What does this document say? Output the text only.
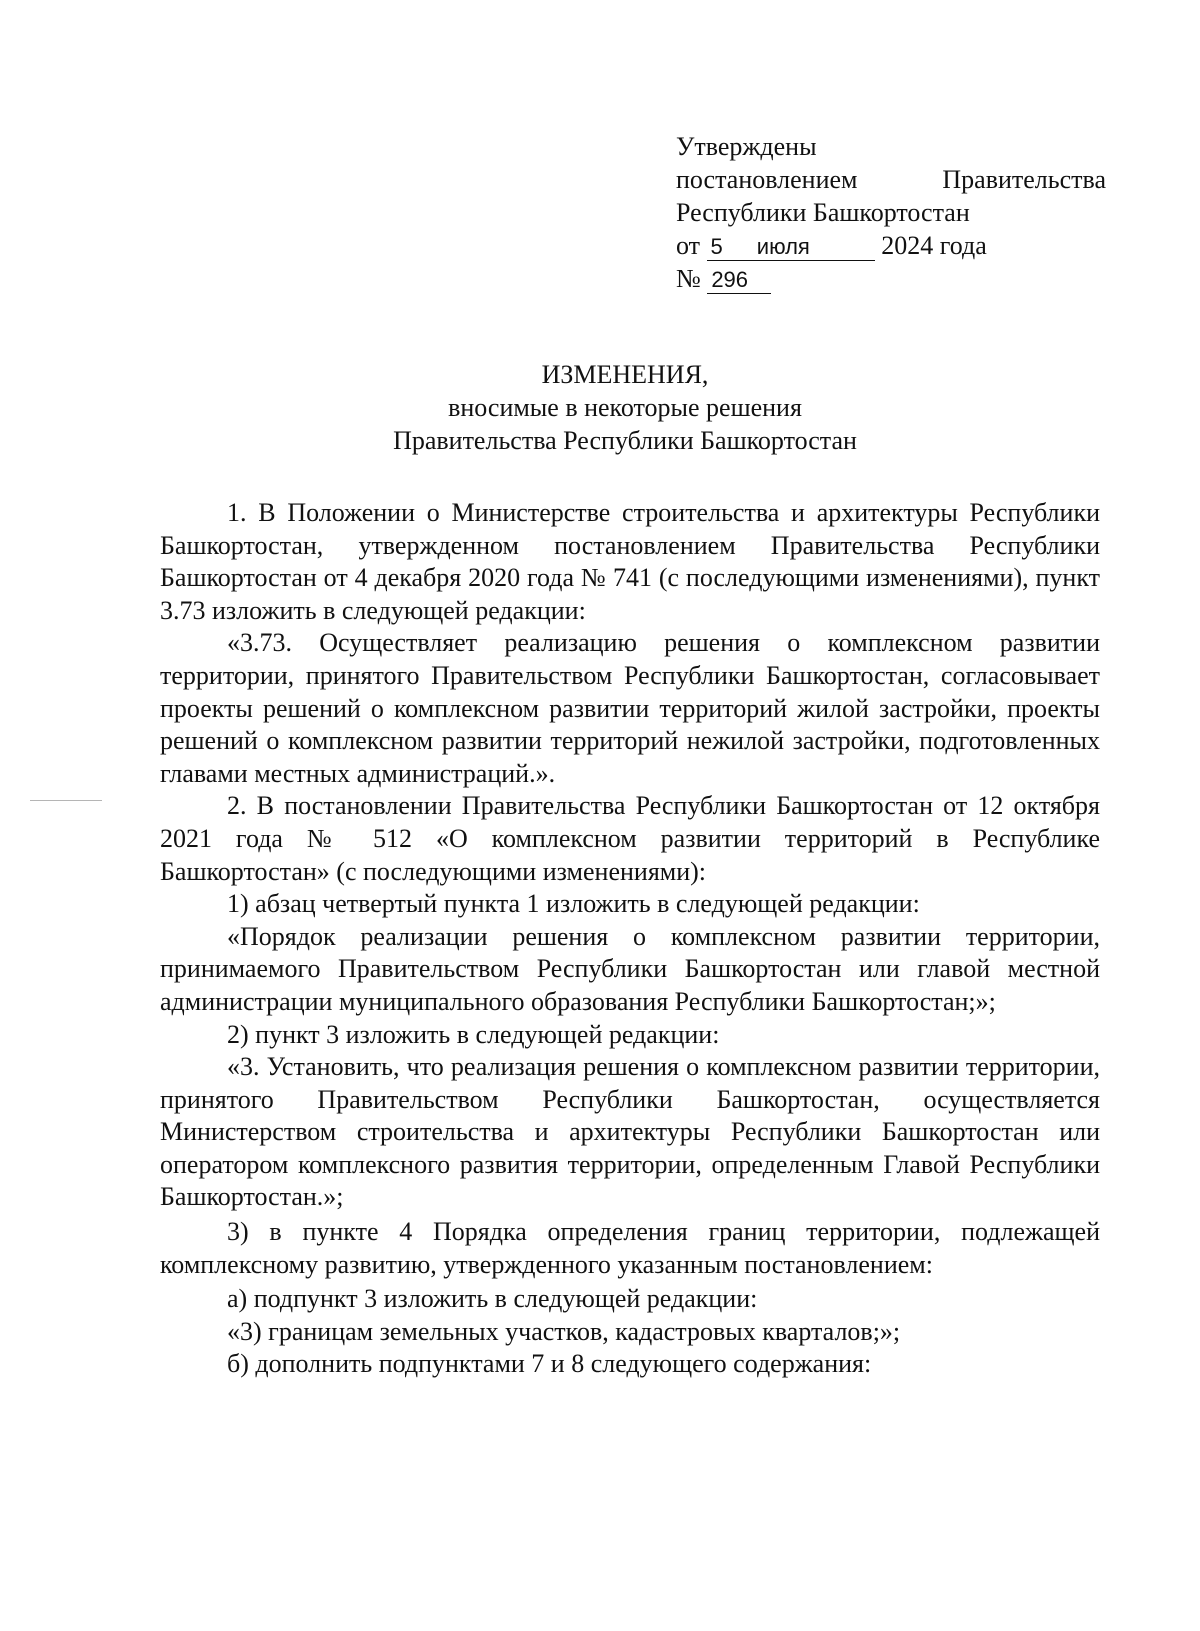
Утверждены
постановлением	Правительства
Республики Башкортостан
от 5 июля	2024 года
№ 296
ИЗМЕНЕНИЯ,
вносимые в некоторые решения
Правительства Республики Башкортостан

1. В Положении о Министерстве строительства и архитектуры Республики Башкортостан, утвержденном постановлением Правительства Республики Башкортостан от 4 декабря 2020 года № 741 (с последующими изменениями), пункт 3.73 изложить в следующей редакции:

«3.73. Осуществляет реализацию решения о комплексном развитии территории, принятого Правительством Республики Башкортостан, согласовывает проекты решений о комплексном развитии территорий жилой застройки, проекты решений о комплексном развитии территорий нежилой застройки, подготовленных главами местных администраций.».

2. В постановлении Правительства Республики Башкортостан от 12 октября 2021 года № 512 «О комплексном развитии территорий в Республике Башкортостан» (с последующими изменениями):

1) абзац четвертый пункта 1 изложить в следующей редакции:

«Порядок реализации решения о комплексном развитии территории, принимаемого Правительством Республики Башкортостан или главой местной администрации муниципального образования Республики Башкортостан;»;

2) пункт 3 изложить в следующей редакции:

«3. Установить, что реализация решения о комплексном развитии территории, принятого Правительством Республики Башкортостан, осуществляется Министерством строительства и архитектуры Республики Башкортостан или оператором комплексного развития территории, определенным Главой Республики Башкортостан.»;

3) в пункте 4 Порядка определения границ территории, подлежащей комплексному развитию, утвержденного указанным постановлением:

а) подпункт 3 изложить в следующей редакции:

«3) границам земельных участков, кадастровых кварталов;»;

б) дополнить подпунктами 7 и 8 следующего содержания:
